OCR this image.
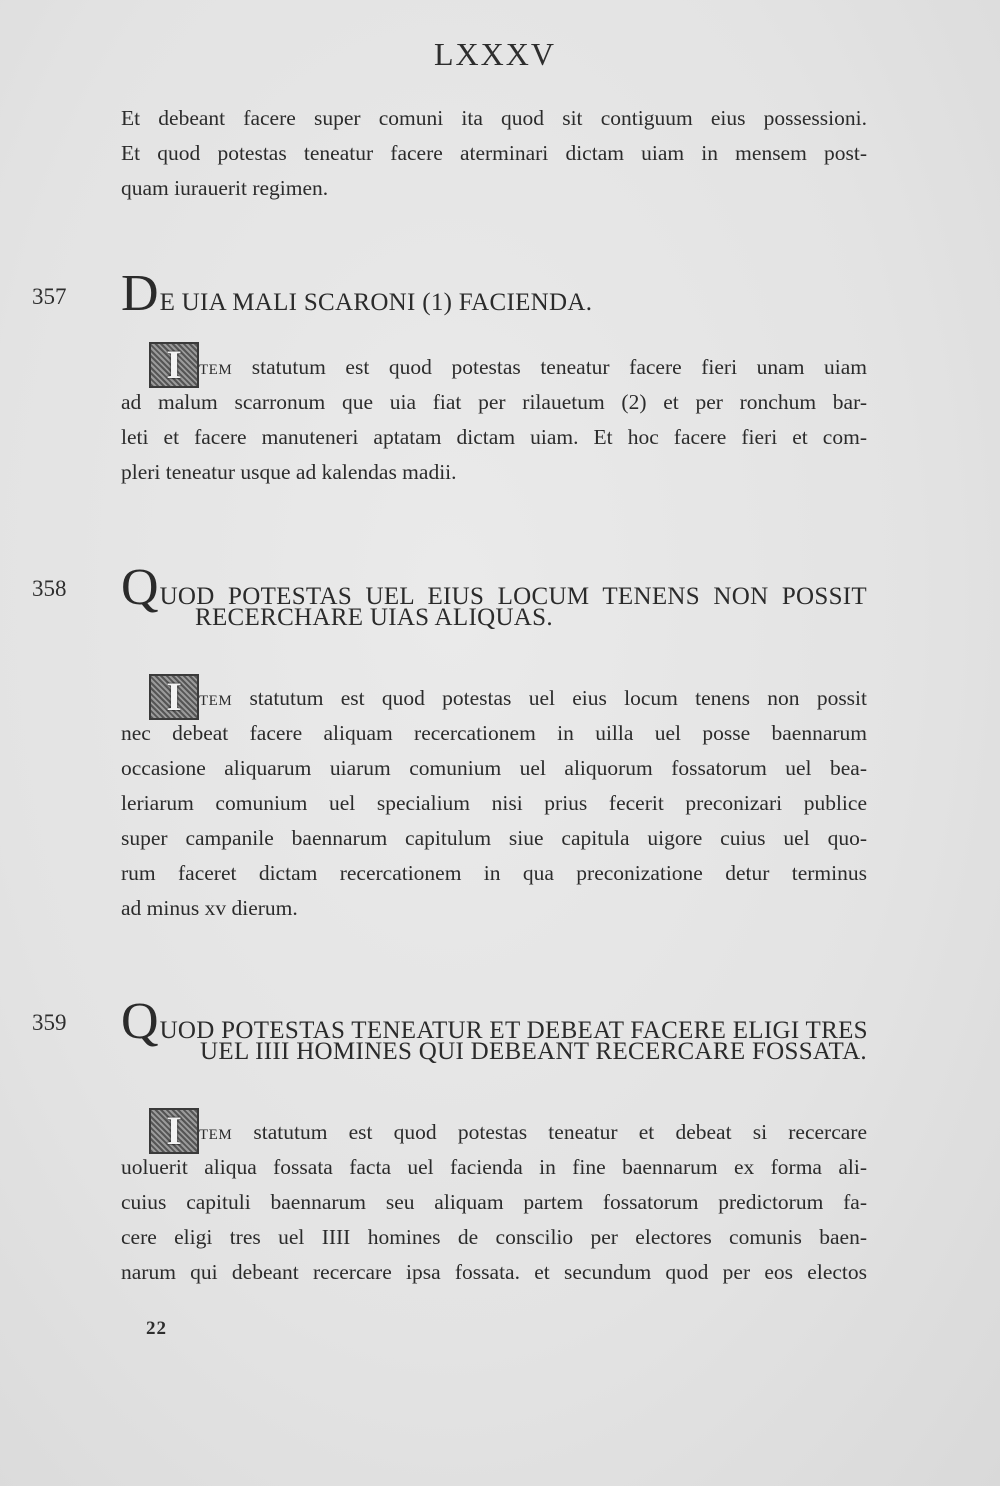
LXXXV
Et debeant facere super comuni ita quod sit contiguum eius possessioni.
Et quod potestas teneatur facere aterminari dictam uiam in mensem post-
quam iurauerit regimen.
357 DE UIA MALI SCARONI (1) FACIENDA.
I	TEM statutum est quod potestas teneatur facere fieri unam uiam
ad malum scarronum que uia fiat per rilauetum (2) et per ronchum bar-
leti et facere manuteneri aptatam dictam uiam. Et hoc facere fieri et com-
pleri teneatur usque ad kalendas madii.
358 QUOD POTESTAS UEL EIUS LOCUM TENENS NON POSSIT
RECERCHARE UIAS ALIQUAS.
I	TEM statutum est quod potestas uel eius locum tenens non possit
nec debeat facere aliquam recercationem in uilla uel posse baennarum
occasione aliquarum uiarum comunium uel aliquorum fossatorum uel bea-
leriarum comunium uel specialium nisi prius fecerit preconizari publice
super campanile baennarum capitulum siue capitula uigore cuius uel quo-
rum faceret dictam recercationem in qua preconizatione detur terminus
ad minus xv dierum.
359 QUOD POTESTAS TENEATUR ET DEBEAT FACERE ELIGI TRES
UEL IIII HOMINES QUI DEBEANT RECERCARE FOSSATA.
I	TEM statutum est quod potestas teneatur et debeat si recercare
uoluerit aliqua fossata facta uel facienda in fine baennarum ex forma ali-
cuius capituli baennarum seu aliquam partem fossatorum predictorum fa-
cere eligi tres uel IIII homines de conscilio per electores comunis baen-
narum qui debeant recercare ipsa fossata. et secundum quod per eos electos
22
